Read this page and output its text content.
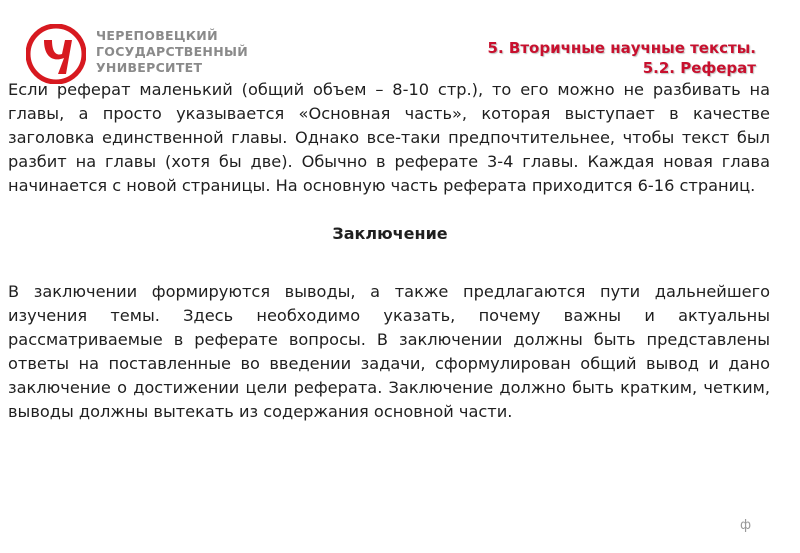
ЧЕРЕПОВЕЦКИЙ
ГОСУДАРСТВЕННЫЙ
УНИВЕРСИТЕТ
5. Вторичные научные тексты.
5.2. Реферат
Если реферат маленький (общий объем – 8-10 стр.), то его можно не разбивать на главы, а просто указывается «Основная часть», которая выступает в качестве заголовка единственной главы. Однако все-таки предпочтительнее, чтобы текст был разбит на главы (хотя бы две). Обычно в реферате 3-4 главы. Каждая новая глава начинается с новой страницы. На основную часть реферата приходится 6-16 страниц.
Заключение
В заключении формируются выводы, а также предлагаются пути дальнейшего изучения темы. Здесь необходимо указать, почему важны и актуальны рассматриваемые в реферате вопросы. В заключении должны быть представлены ответы на поставленные во введении задачи, сформулирован общий вывод и дано заключение о достижении цели реферата. Заключение должно быть кратким, четким, выводы должны вытекать из содержания основной части.
ф
